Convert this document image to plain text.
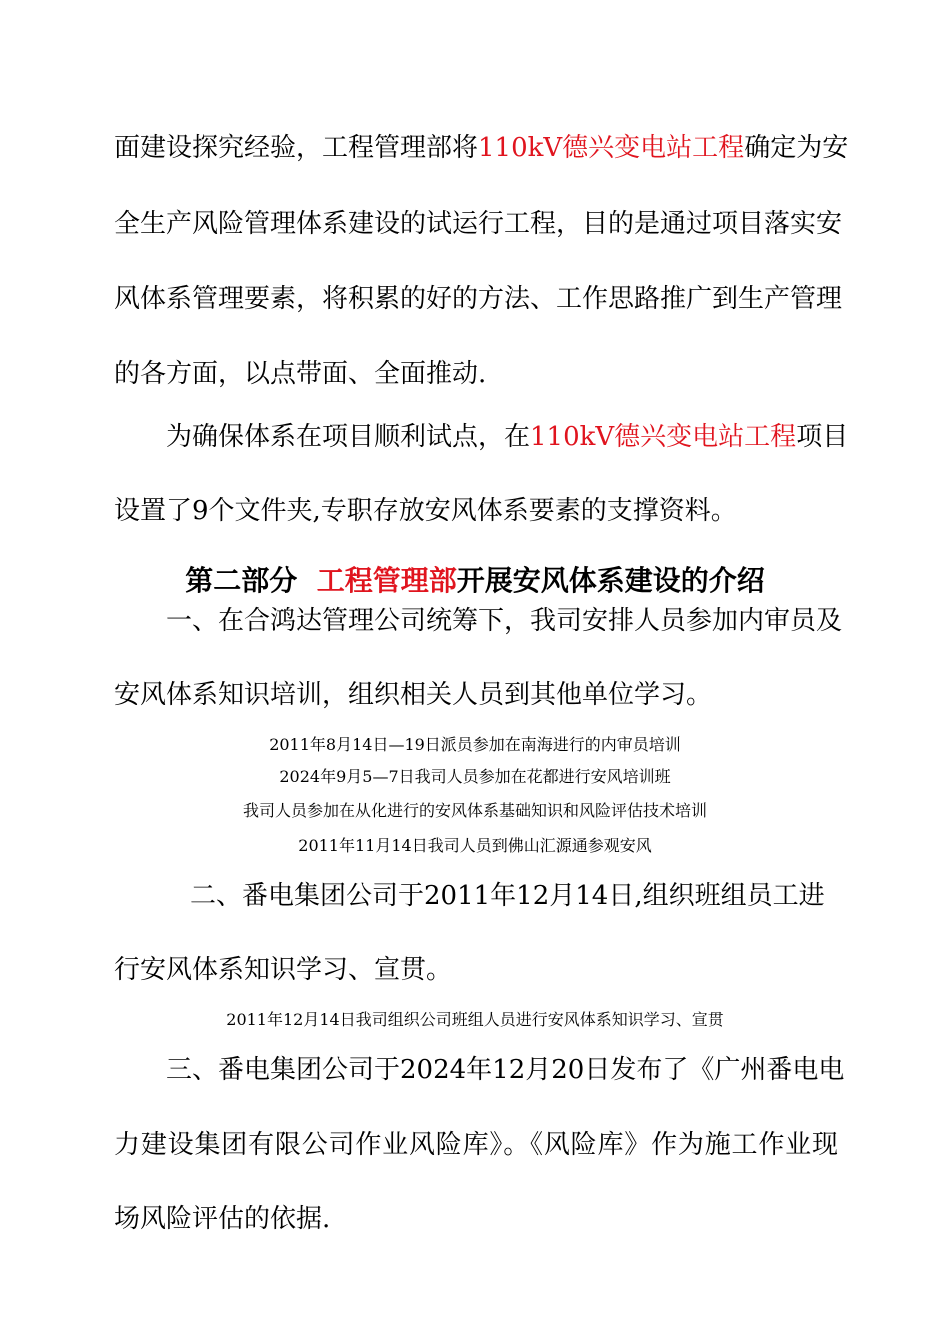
面建设探究经验，工程管理部将110kV德兴变电站工程确定为安
全生产风险管理体系建设的试运行工程，目的是通过项目落实安
风体系管理要素，将积累的好的方法、工作思路推广到生产管理
的各方面，以点带面、全面推动.
为确保体系在项目顺利试点，在110kV德兴变电站工程项目
设置了9个文件夹,专职存放安风体系要素的支撑资料。
第二部分  工程管理部开展安风体系建设的介绍
一、在合鸿达管理公司统筹下，我司安排人员参加内审员及
安风体系知识培训，组织相关人员到其他单位学习。
2011年8月14日—19日派员参加在南海进行的内审员培训
2024年9月5—7日我司人员参加在花都进行安风培训班
我司人员参加在从化进行的安风体系基础知识和风险评估技术培训
2011年11月14日我司人员到佛山汇源通参观安风
二、番电集团公司于2011年12月14日,组织班组员工进
行安风体系知识学习、宣贯。
2011年12月14日我司组织公司班组人员进行安风体系知识学习、宣贯
三、番电集团公司于2024年12月20日发布了《广州番电电
力建设集团有限公司作业风险库》。《风险库》作为施工作业现
场风险评估的依据.
